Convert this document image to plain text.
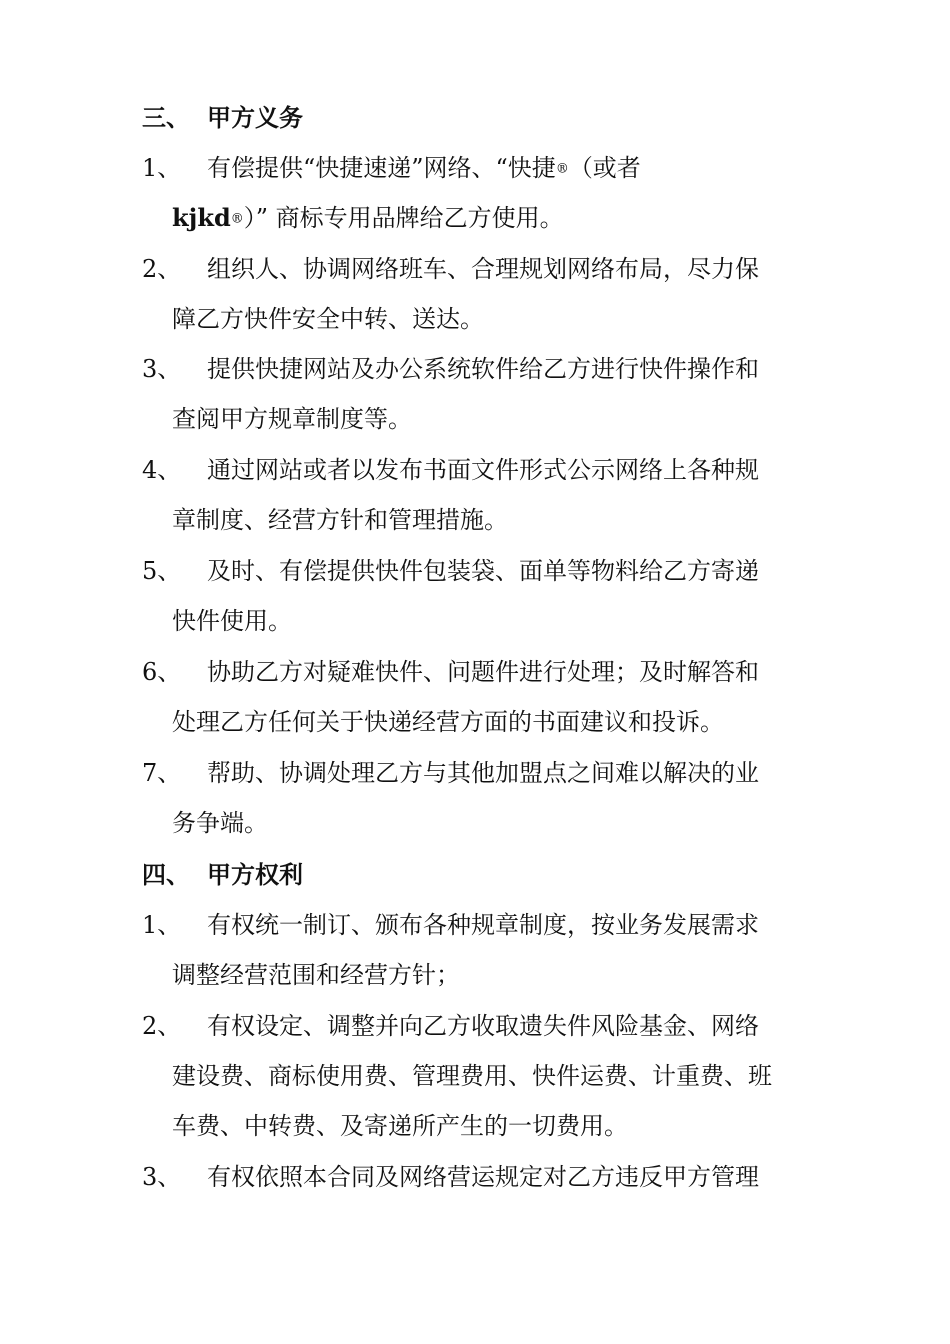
三、 甲方义务
1、 有偿提供“快捷速递”网络、“快捷®（或者
kjkd®）” 商标专用品牌给乙方使用。
2、 组织人、协调网络班车、合理规划网络布局，尽力保
障乙方快件安全中转、送达。
3、 提供快捷网站及办公系统软件给乙方进行快件操作和
查阅甲方规章制度等。
4、 通过网站或者以发布书面文件形式公示网络上各种规
章制度、经营方针和管理措施。
5、 及时、有偿提供快件包装袋、面单等物料给乙方寄递
快件使用。
6、 协助乙方对疑难快件、问题件进行处理；及时解答和
处理乙方任何关于快递经营方面的书面建议和投诉。
7、 帮助、协调处理乙方与其他加盟点之间难以解决的业
务争端。
四、 甲方权利
1、 有权统一制订、颁布各种规章制度，按业务发展需求
调整经营范围和经营方针；
2、 有权设定、调整并向乙方收取遗失件风险基金、网络
建设费、商标使用费、管理费用、快件运费、计重费、班
车费、中转费、及寄递所产生的一切费用。
3、 有权依照本合同及网络营运规定对乙方违反甲方管理
